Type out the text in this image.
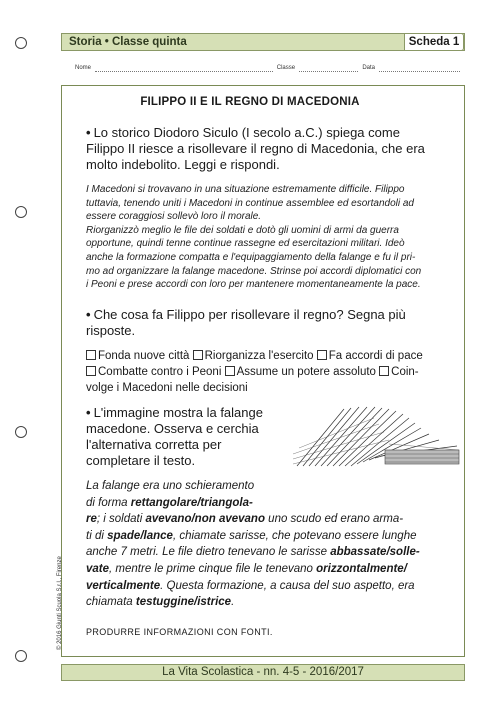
Storia • Classe quinta	Scheda 1
Nome	Classe	Data
FILIPPO II E IL REGNO DI MACEDONIA
• Lo storico Diodoro Siculo (I secolo a.C.) spiega come
Filippo II riesce a risollevare il regno di Macedonia, che era
molto indebolito. Leggi e rispondi.
I Macedoni si trovavano in una situazione estremamente difficile. Filippo
tuttavia, tenendo uniti i Macedoni in continue assemblee ed esortandoli ad
essere coraggiosi sollevò loro il morale.
Riorganizzò meglio le file dei soldati e dotò gli uomini di armi da guerra
opportune, quindi tenne continue rassegne ed esercitazioni militari. Ideò
anche la formazione compatta e l'equipaggiamento della falange e fu il pri-
mo ad organizzare la falange macedone. Strinse poi accordi diplomatici con
i Peoni e prese accordi con loro per mantenere momentaneamente la pace.
• Che cosa fa Filippo per risollevare il regno? Segna più
risposte.
Fonda nuove città Riorganizza l'esercito Fa accordi di pace
Combatte contro i Peoni Assume un potere assoluto Coin-
volge i Macedoni nelle decisioni
• L'immagine mostra la falange
macedone. Osserva e cerchia
l'alternativa corretta per
completare il testo.
La falange era uno schieramento
di forma rettangolare/triangola-
re; i soldati avevano/non avevano uno scudo ed erano arma-
ti di spade/lance, chiamate sarisse, che potevano essere lunghe
anche 7 metri. Le file dietro tenevano le sarisse abbassate/solle-
vate, mentre le prime cinque file le tenevano orizzontalmente/
verticalmente. Questa formazione, a causa del suo aspetto, era
chiamata testuggine/istrice.
PRODURRE INFORMAZIONI CON FONTI.
© 2016 Giunti Scuola S.r.l., Firenze
La Vita Scolastica - nn. 4-5 - 2016/2017
